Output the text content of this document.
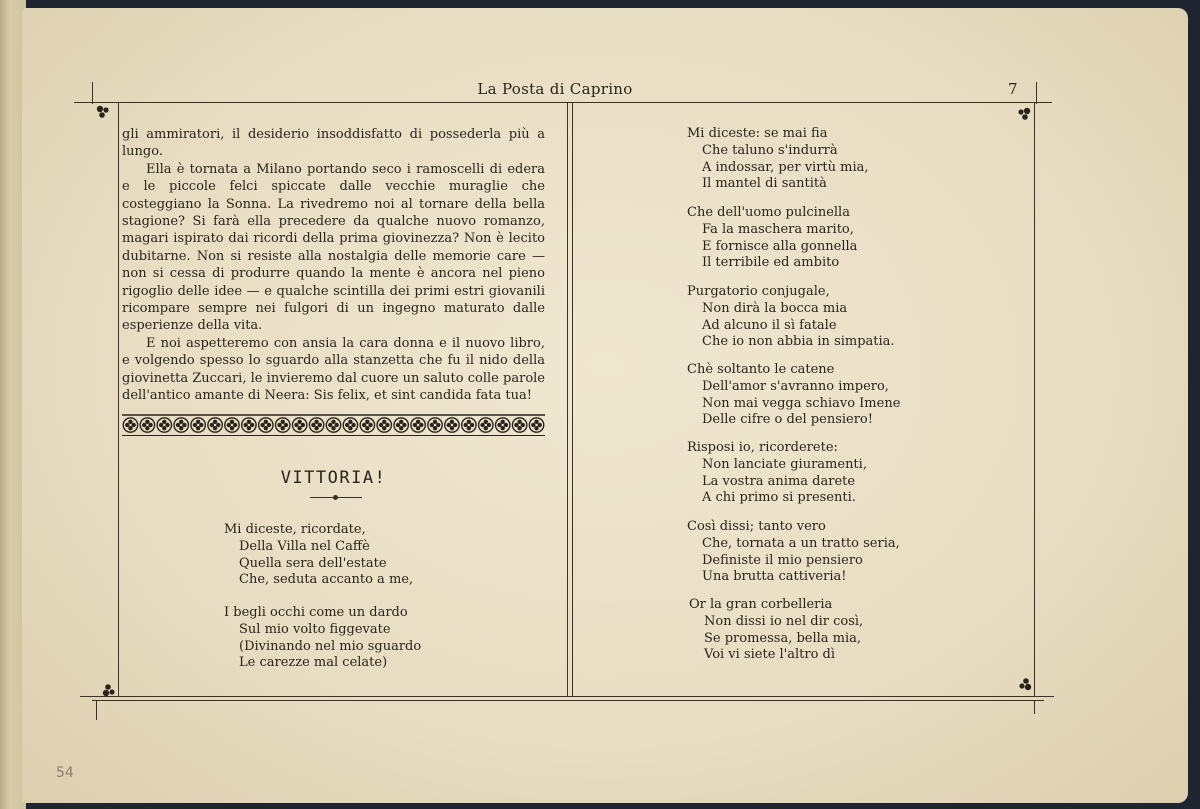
La Posta di Caprino	7

gli ammiratori, il desiderio insoddisfatto di possederla più a lungo.

Ella è tornata a Milano portando seco i ramoscelli di edera e le piccole felci spiccate dalle vecchie muraglie che costeggiano la Sonna. La rivedremo noi al tornare della bella stagione? Si farà ella precedere da qualche nuovo romanzo, magari ispirato dai ricordi della prima giovinezza? Non è lecito dubitarne. Non si resiste alla nostalgia delle memorie care — non si cessa di produrre quando la mente è ancora nel pieno rigoglio delle idee — e qualche scintilla dei primi estri giovanili ricompare sempre nei fulgori di un ingegno maturato dalle esperienze della vita.

E noi aspetteremo con ansia la cara donna e il nuovo libro, e volgendo spesso lo sguardo alla stanzetta che fu il nido della giovinetta Zuccari, le invieremo dal cuore un saluto colle parole dell'antico amante di Neera: Sis felix, et sint candida fata tua!

VITTORIA!
Mi diceste, ricordate,
Della Villa nel Caffè
Quella sera dell'estate
Che, seduta accanto a me,
I begli occhi come un dardo
Sul mio volto figgevate
(Divinando nel mio sguardo
Le carezze mal celate)
Mi diceste: se mai fia
Che taluno s'indurrà
A indossar, per virtù mia,
Il mantel di santità
Che dell'uomo pulcinella
Fa la maschera marito,
E fornisce alla gonnella
Il terribile ed ambito
Purgatorio conjugale,
Non dirà la bocca mia
Ad alcuno il sì fatale
Che io non abbia in simpatia.
Chè soltanto le catene
Dell'amor s'avranno impero,
Non mai vegga schiavo Imene
Delle cifre o del pensiero!
Risposi io, ricorderete:
Non lanciate giuramenti,
La vostra anima darete
A chi primo si presenti.
Così dissi; tanto vero
Che, tornata a un tratto seria,
Definiste il mio pensiero
Una brutta cattiveria!
Or la gran corbelleria
Non dissi io nel dir così,
Se promessa, bella mia,
Voi vi siete l'altro dì
54
